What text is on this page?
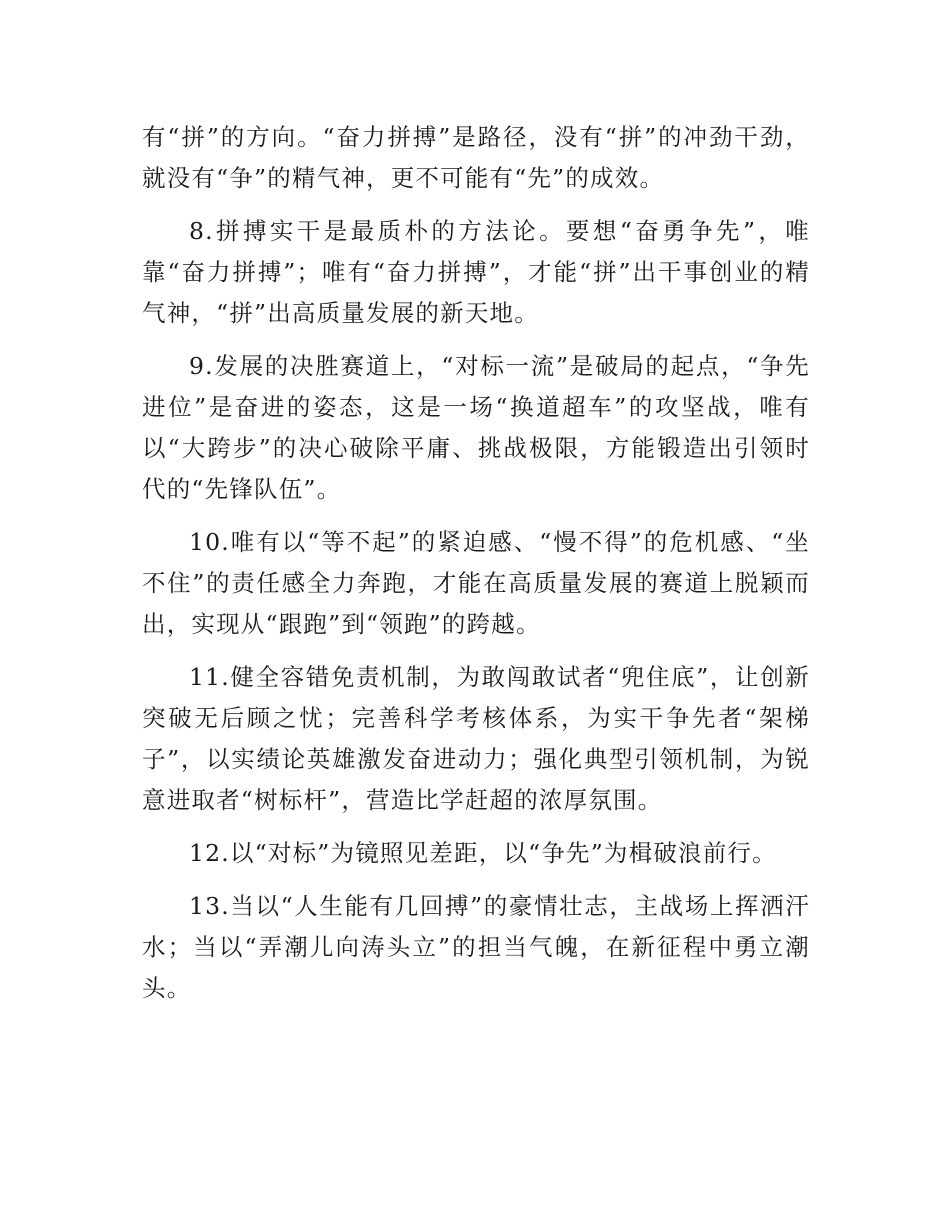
有“拼”的方向。“奋力拼搏”是路径，没有“拼”的冲劲干劲，就没有“争”的精气神，更不可能有“先”的成效。

8.拼搏实干是最质朴的方法论。要想“奋勇争先”，唯靠“奋力拼搏”；唯有“奋力拼搏”，才能“拼”出干事创业的精气神，“拼”出高质量发展的新天地。

9.发展的决胜赛道上，“对标一流”是破局的起点，“争先进位”是奋进的姿态，这是一场“换道超车”的攻坚战，唯有以“大跨步”的决心破除平庸、挑战极限，方能锻造出引领时代的“先锋队伍”。

10.唯有以“等不起”的紧迫感、“慢不得”的危机感、“坐不住”的责任感全力奔跑，才能在高质量发展的赛道上脱颖而出，实现从“跟跑”到“领跑”的跨越。

11.健全容错免责机制，为敢闯敢试者“兜住底”，让创新突破无后顾之忧；完善科学考核体系，为实干争先者“架梯子”，以实绩论英雄激发奋进动力；强化典型引领机制，为锐意进取者“树标杆”，营造比学赶超的浓厚氛围。

12.以“对标”为镜照见差距，以“争先”为楫破浪前行。

13.当以“人生能有几回搏”的豪情壮志，主战场上挥洒汗水；当以“弄潮儿向涛头立”的担当气魄，在新征程中勇立潮头。
